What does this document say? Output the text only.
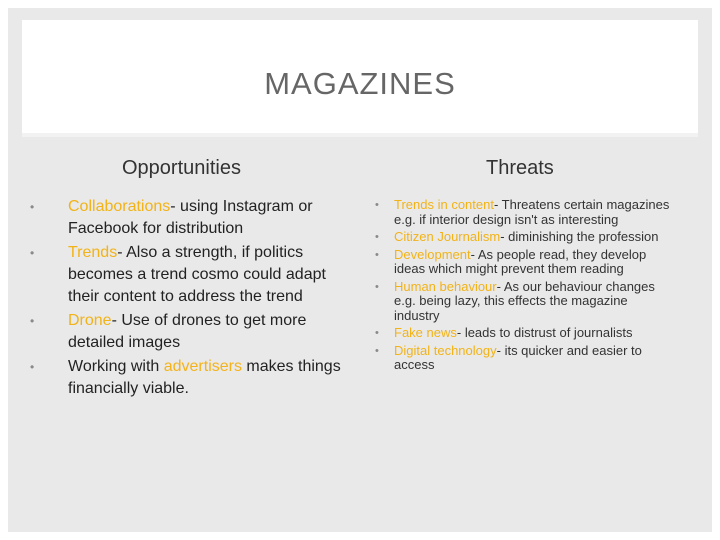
MAGAZINES
Opportunities	Threats
• Collaborations- using Instagram or Facebook for distribution
• Trends- Also a strength, if politics becomes a trend cosmo could adapt their content to address the trend
• Drone- Use of drones to get more detailed images
• Working with advertisers makes things financially viable.
• Trends in content- Threatens certain magazines e.g. if interior design isn't as interesting
• Citizen Journalism- diminishing the profession
• Development- As people read, they develop ideas which might prevent them reading
• Human behaviour- As our behaviour changes e.g. being lazy, this effects the magazine industry
• Fake news- leads to distrust of journalists
• Digital technology- its quicker and easier to access
